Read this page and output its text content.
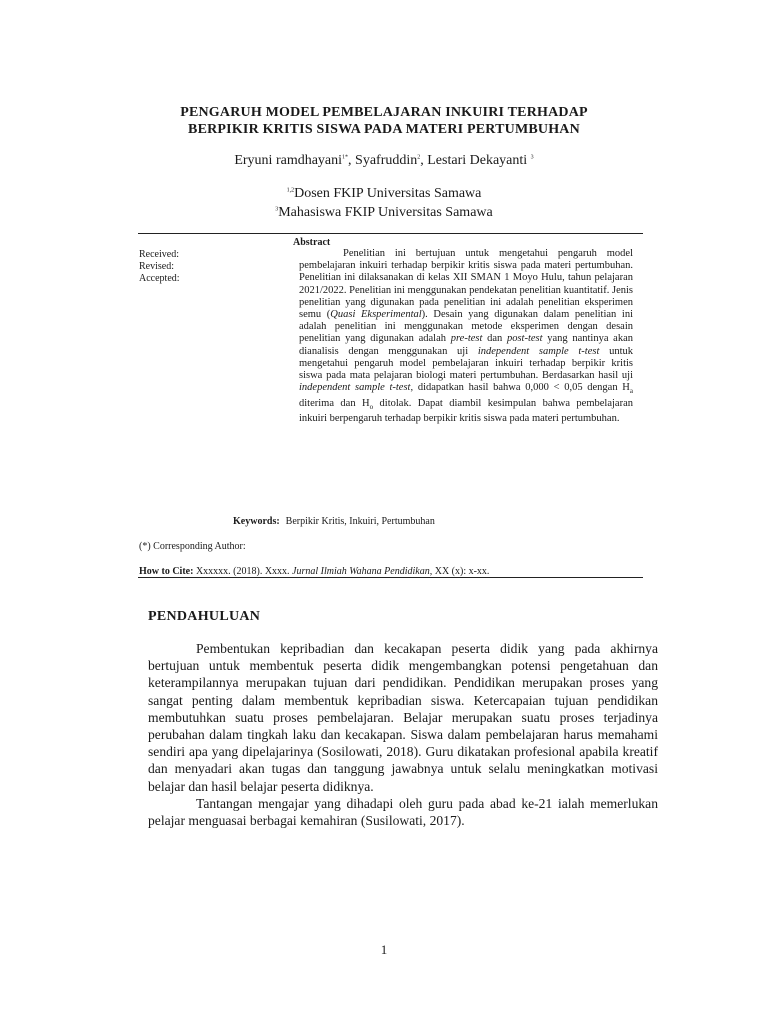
PENGARUH MODEL PEMBELAJARAN INKUIRI TERHADAP
BERPIKIR KRITIS SISWA PADA MATERI PERTUMBUHAN
Eryuni ramdhayani$^{1*}$, Syafruddin$^2$, Lestari Dekayanti $^3$
$^{1,2}$Dosen FKIP Universitas Samawa
$^3$Mahasiswa FKIP Universitas Samawa
Abstract
Received:
Revised:
Accepted:
Penelitian ini bertujuan untuk mengetahui pengaruh model pembelajaran inkuiri terhadap berpikir kritis siswa pada materi pertumbuhan. Penelitian ini dilaksanakan di kelas XII SMAN 1 Moyo Hulu, tahun pelajaran 2021/2022. Penelitian ini menggunakan pendekatan penelitian kuantitatif. Jenis penelitian yang digunakan pada penelitian ini adalah penelitian eksperimen semu (Quasi Eksperimental). Desain yang digunakan dalam penelitian ini adalah penelitian ini menggunakan metode eksperimen dengan desain penelitian yang digunakan adalah pre-test dan post-test yang nantinya akan dianalisis dengan menggunakan uji independent sample t-test untuk mengetahui pengaruh model pembelajaran inkuiri terhadap berpikir kritis siswa pada mata pelajaran biologi materi pertumbuhan. Berdasarkan hasil uji independent sample t-test, didapatkan hasil bahwa 0,000 < 0,05 dengan $H_a$ diterima dan $H_o$ ditolak. Dapat diambil kesimpulan bahwa pembelajaran inkuiri berpengaruh terhadap berpikir kritis siswa pada materi pertumbuhan.
Keywords: Berpikir Kritis, Inkuiri, Pertumbuhan
(*) Corresponding Author:
How to Cite: Xxxxxx. (2018). Xxxx. Jurnal Ilmiah Wahana Pendidikan, XX (x): x-xx.
PENDAHULUAN

Pembentukan kepribadian dan kecakapan peserta didik yang pada akhirnya bertujuan untuk membentuk peserta didik mengembangkan potensi pengetahuan dan keterampilannya merupakan tujuan dari pendidikan. Pendidikan merupakan proses yang sangat penting dalam membentuk kepribadian siswa. Ketercapaian tujuan pendidikan membutuhkan suatu proses pembelajaran. Belajar merupakan suatu proses terjadinya perubahan dalam tingkah laku dan kecakapan. Siswa dalam pembelajaran harus memahami sendiri apa yang dipelajarinya (Sosilowati, 2018). Guru dikatakan profesional apabila kreatif dan menyadari akan tugas dan tanggung jawabnya untuk selalu meningkatkan motivasi belajar dan hasil belajar peserta didiknya.

Tantangan mengajar yang dihadapi oleh guru pada abad ke-21 ialah memerlukan pelajar menguasai berbagai kemahiran (Susilowati, 2017).

1
